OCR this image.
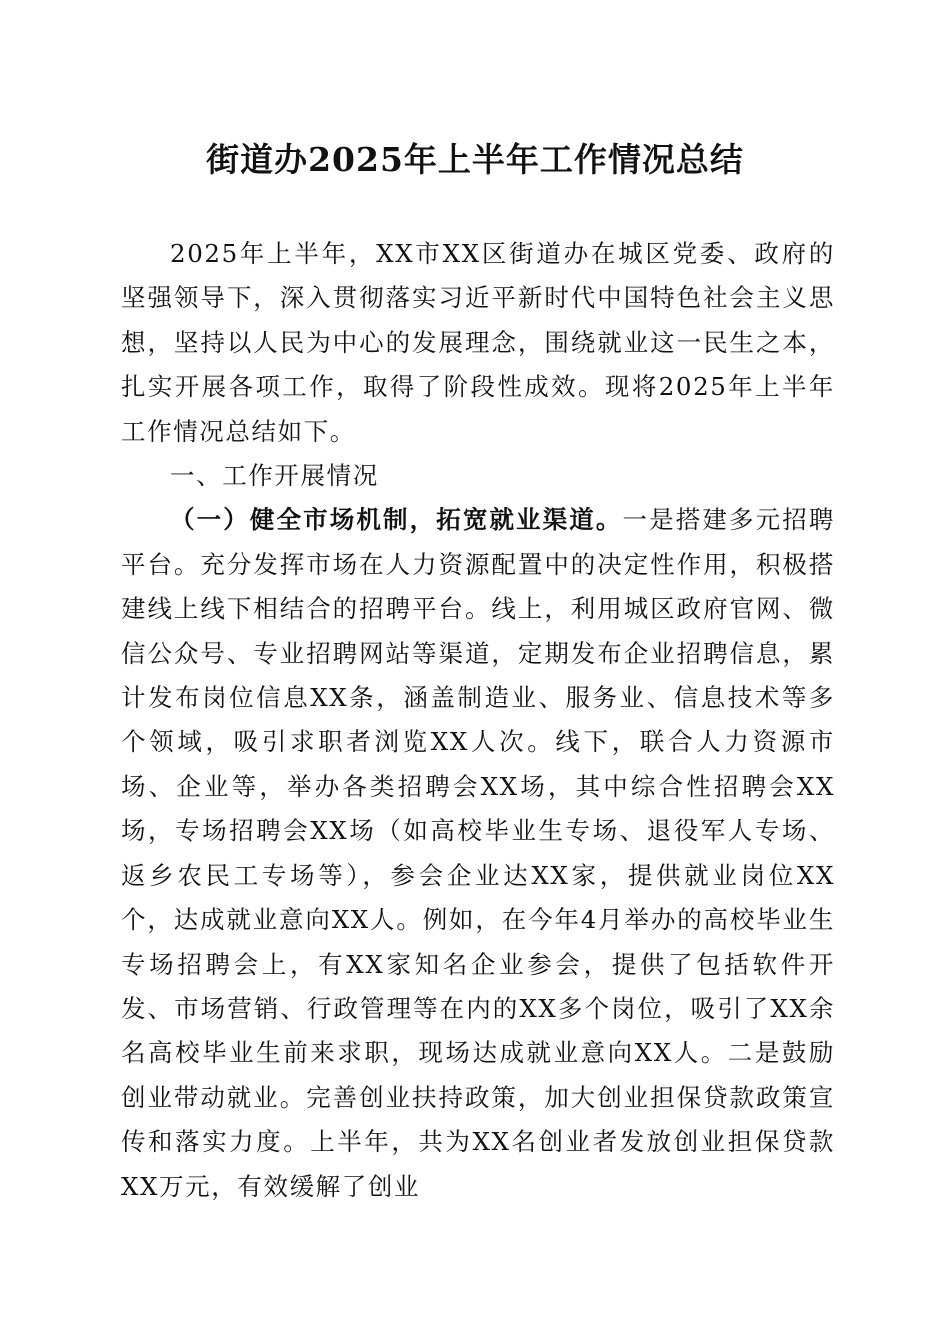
街道办2025年上半年工作情况总结

2025年上半年，XX市XX区街道办在城区党委、政府的坚强领导下，深入贯彻落实习近平新时代中国特色社会主义思想，坚持以人民为中心的发展理念，围绕就业这一民生之本，扎实开展各项工作，取得了阶段性成效。现将2025年上半年工作情况总结如下。

一、工作开展情况

（一）健全市场机制，拓宽就业渠道。一是搭建多元招聘平台。充分发挥市场在人力资源配置中的决定性作用，积极搭建线上线下相结合的招聘平台。线上，利用城区政府官网、微信公众号、专业招聘网站等渠道，定期发布企业招聘信息，累计发布岗位信息XX条，涵盖制造业、服务业、信息技术等多个领域，吸引求职者浏览XX人次。线下，联合人力资源市场、企业等，举办各类招聘会XX场，其中综合性招聘会XX场，专场招聘会XX场（如高校毕业生专场、退役军人专场、返乡农民工专场等），参会企业达XX家，提供就业岗位XX个，达成就业意向XX人。例如，在今年4月举办的高校毕业生专场招聘会上，有XX家知名企业参会，提供了包括软件开发、市场营销、行政管理等在内的XX多个岗位，吸引了XX余名高校毕业生前来求职，现场达成就业意向XX人。二是鼓励创业带动就业。完善创业扶持政策，加大创业担保贷款政策宣传和落实力度。上半年，共为XX名创业者发放创业担保贷款XX万元，有效缓解了创业
